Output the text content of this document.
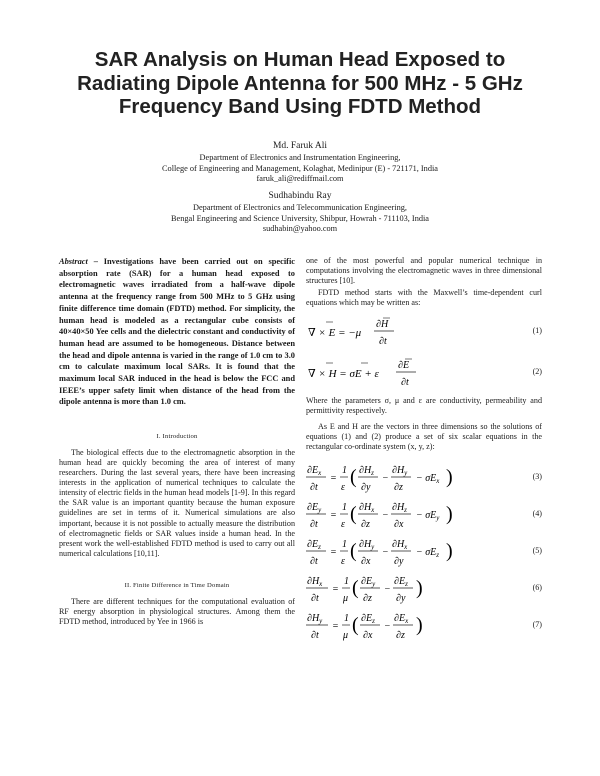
SAR Analysis on Human Head Exposed to
Radiating Dipole Antenna for 500 MHz - 5 GHz
Frequency Band Using FDTD Method
Md. Faruk Ali
Department of Electronics and Instrumentation Engineering,
College of Engineering and Management, Kolaghat, Medinipur (E) - 721171, India
faruk_ali@rediffmail.com
Sudhabindu Ray
Department of Electronics and Telecommunication Engineering,
Bengal Engineering and Science University, Shibpur, Howrah - 711103, India
sudhabin@yahoo.com

Abstract – Investigations have been carried out on specific absorption rate (SAR) for a human head exposed to electromagnetic waves irradiated from a half-wave dipole antenna at the frequency range from 500 MHz to 5 GHz using finite difference time domain (FDTD) method. For simplicity, the human head is modeled as a rectangular cube consists of 40×40×50 Yee cells and the dielectric constant and conductivity of human head are assumed to be homogeneous. Distance between the head and dipole antenna is varied in the range of 1.0 cm to 3.0 cm to calculate maximum local SARs. It is found that the maximum local SAR induced in the head is below the FCC and IEEE’s upper safety limit when distance of the head from the dipole antenna is more than 1.0 cm.

I. Introduction

The biological effects due to the electromagnetic absorption in the human head are quickly becoming the area of interest of many researchers. During the last several years, there have been increasing interests in the application of numerical techniques to calculate the intensity of electric fields in the human head models [1-9]. In this regard the SAR value is an important quantity because the human exposure guidelines are set in terms of it. Numerical simulations are also important, because it is not possible to actually measure the distribution of electromagnetic fields or SAR values inside a human head. In the present work the well-established FDTD method is used to carry out all numerical calculations [10,11].

II. Finite Difference in Time Domain

There are different techniques for the computational evaluation of RF energy absorption in physiological structures. Among them the FDTD method, introduced by Yee in 1966 is

one of the most powerful and popular numerical technique in computations involving the electromagnetic waves in three dimensional structures [10].

FDTD method starts with the Maxwell’s time-dependent curl equations which may be written as:

∇ × E = −μ
∂H
∂t
(1)
∇ × H = σE + ε
∂E
∂t
(2)

Where the parameters σ, μ and ε are conductivity, permeability and permittivity respectively.

As E and H are the vectors in three dimensions so the solutions of equations (1) and (2) produce a set of six scalar equations in the rectangular co-ordinate system (x, y, z):

$\partial E_x$
∂t
=
1
ε ( $\partial H_z$
∂y
−
$\partial H_y$
∂z
− $\sigma E_x$ )	(3)
$\partial E_y$
∂t
=
1
ε ( $\partial H_x$
∂z
−
$\partial H_z$
∂x
− $\sigma E_y$ )	(4)
$\partial E_z$
∂t
=
1
ε ( $\partial H_y$
∂x
−
$\partial H_x$
∂y
− $\sigma E_z$ )	(5)
$\partial H_x$
∂t
=
1
μ ( $\partial E_y$
∂z
−
$\partial E_z$
∂y )	(6)
$\partial H_y$
∂t
=
1
μ ( $\partial E_z$
∂x
−
$\partial E_x$
∂z )	(7)
